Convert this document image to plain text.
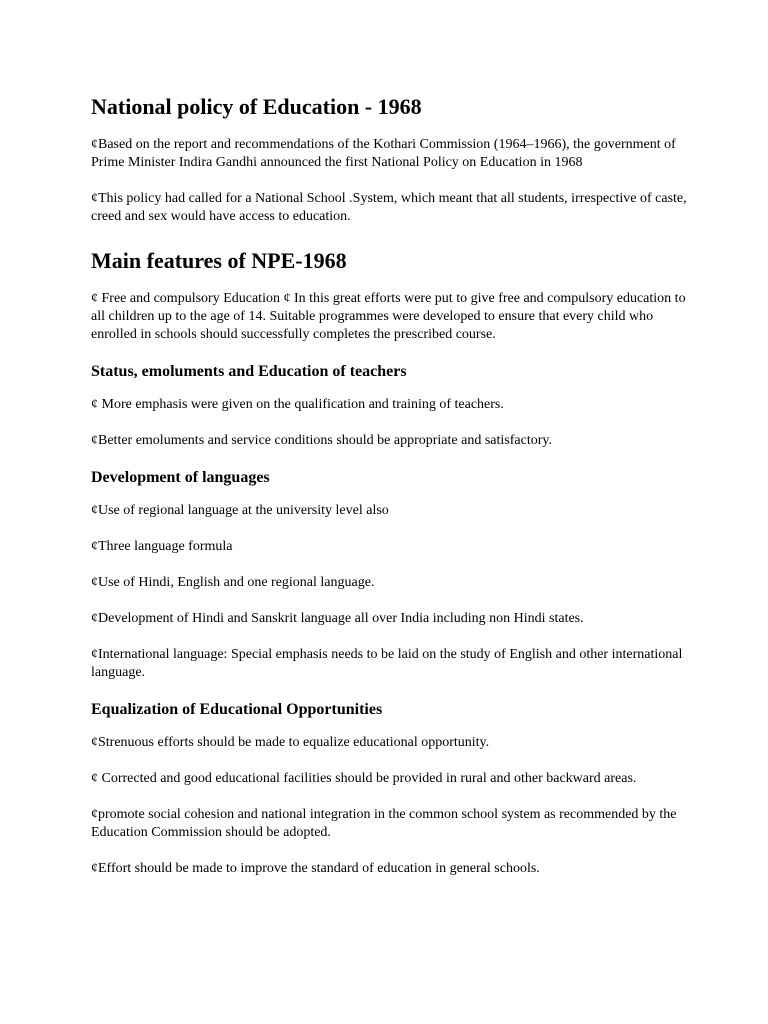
National policy of Education - 1968

¢Based on the report and recommendations of the Kothari Commission (1964–1966), the government of Prime Minister Indira Gandhi announced the first National Policy on Education in 1968

¢This policy had called for a National School .System, which meant that all students, irrespective of caste, creed and sex would have access to education.

Main features of NPE-1968

¢ Free and compulsory Education ¢ In this great efforts were put to give free and compulsory education to all children up to the age of 14. Suitable programmes were developed to ensure that every child who enrolled in schools should successfully completes the prescribed course.

Status, emoluments and Education of teachers

¢ More emphasis were given on the qualification and training of teachers.

¢Better emoluments and service conditions should be appropriate and satisfactory.

Development of languages

¢Use of regional language at the university level also

¢Three language formula

¢Use of Hindi, English and one regional language.

¢Development of Hindi and Sanskrit language all over India including non Hindi states.

¢International language: Special emphasis needs to be laid on the study of English and other international language.

Equalization of Educational Opportunities

¢Strenuous efforts should be made to equalize educational opportunity.

¢ Corrected and good educational facilities should be provided in rural and other backward areas.

¢promote social cohesion and national integration in the common school system as recommended by the Education Commission should be adopted.

¢Effort should be made to improve the standard of education in general schools.
